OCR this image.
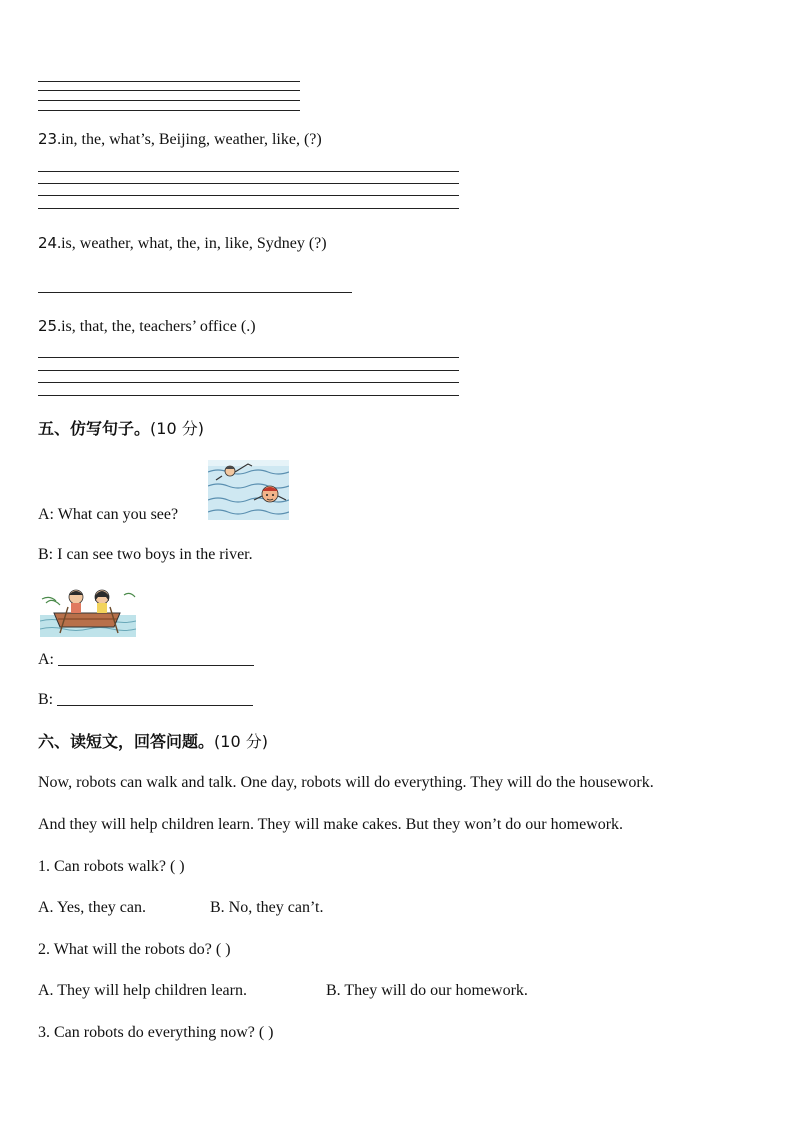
23.in, the, what’s, Beijing, weather, like, (?)
24.is, weather, what, the, in, like, Sydney (?)
25.is, that, the, teachers’ office (.)
五、仿写句子。(10 分)
A: What can you see?
B: I can see two boys in the river.
A:
B:
六、读短文，回答问题。(10 分)
Now, robots can walk and talk. One day, robots will do everything. They will do the housework.
And they will help children learn. They will make cakes. But they won’t do our homework.
1. Can robots walk? ( )
A. Yes, they can.	B. No, they can’t.
2. What will the robots do? ( )
A. They will help children learn.	B. They will do our homework.
3. Can robots do everything now? ( )
